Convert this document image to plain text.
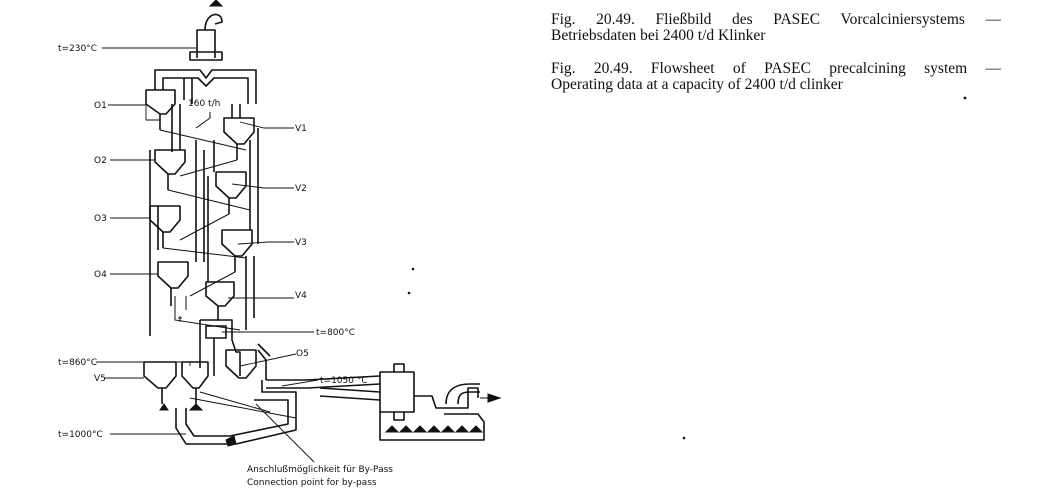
Fig. 20.49. Fließbild des PASEC Vorcalciniersystems —
Betriebsdaten bei 2400 t/d Klinker
Fig. 20.49. Flowsheet of PASEC precalcining system —
Operating data at a capacity of 2400 t/d clinker
t=230°C
O1	160 t/h
V1
O2
V2
O3
V3
O4
V4
t=800°C
O5
t=860°C
V5	t=1050 °C
t=1000°C
Anschlußmöglichkeit für By-Pass
Connection point for by-pass
